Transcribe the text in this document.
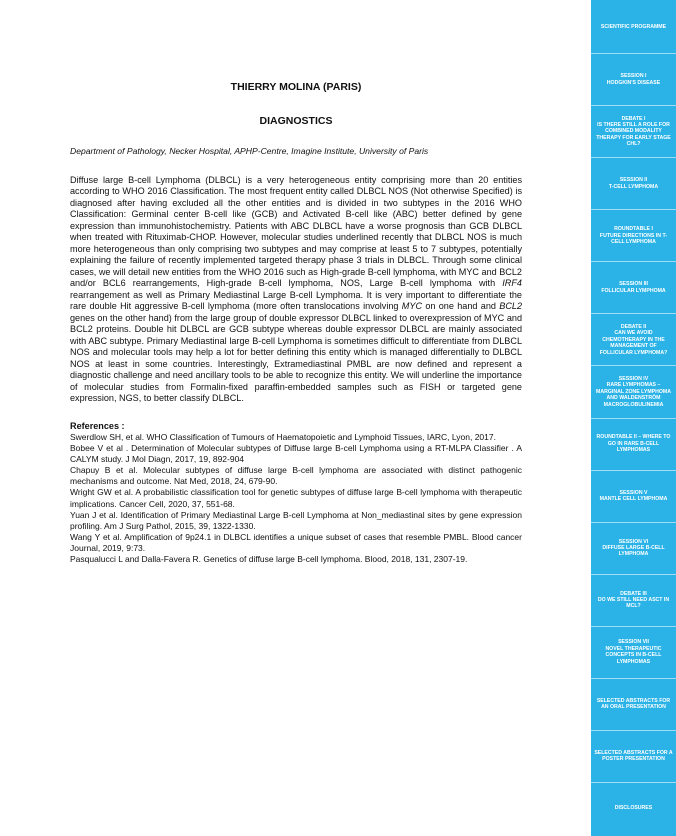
THIERRY MOLINA (PARIS)

DIAGNOSTICS

Department of Pathology, Necker Hospital, APHP-Centre, Imagine Institute, University of Paris

Diffuse large B-cell Lymphoma (DLBCL) is a very heterogeneous entity comprising more than 20 entities according to WHO 2016 Classification. The most frequent entity called DLBCL NOS (Not otherwise Specified) is diagnosed after having excluded all the other entities and is divided in two subtypes in the 2016 WHO Classification: Germinal center B-cell like (GCB) and Activated B-cell like (ABC) better defined by gene expression than immunohistochemistry. Patients with ABC DLBCL have a worse prognosis than GCB DLBCL when treated with Rituximab-CHOP. However, molecular studies underlined recently that DLBCL NOS is much more heterogeneous than only comprising two subtypes and may comprise at least 5 to 7 subtypes, potentially explaining the failure of recently implemented targeted therapy phase 3 trials in DLBCL. Through some clinical cases, we will detail new entities from the WHO 2016 such as High-grade B-cell lymphoma, with MYC and BCL2 and/or BCL6 rearrangements, High-grade B-cell lymphoma, NOS, Large B-cell lymphoma with IRF4 rearrangement as well as Primary Mediastinal Large B-cell Lymphoma. It is very important to differentiate the rare double Hit aggressive B-cell lymphoma (more often translocations involving MYC on one hand and BCL2 genes on the other hand) from the large group of double expressor DLBCL linked to overexpression of MYC and BCL2 proteins. Double hit DLBCL are GCB subtype whereas double expressor DLBCL are mainly associated with ABC subtype. Primary Mediastinal large B-cell Lymphoma is sometimes difficult to differentiate from DLBCL NOS and molecular tools may help a lot for better defining this entity which is managed differentially to DLBCL NOS at least in some countries. Interestingly, Extramediastinal PMBL are now defined and represent a diagnostic challenge and need ancillary tools to be able to recognize this entity. We will underline the importance of molecular studies from Formalin-fixed paraffin-embedded samples such as FISH or targeted gene expression, NGS, to better classify DLBCL.

References :

Swerdlow SH, et al. WHO Classification of Tumours of Haematopoietic and Lymphoid Tissues, IARC, Lyon, 2017.
Bobee V et al . Determination of Molecular subtypes of Diffuse large B-cell Lymphoma using a RT-MLPA Classifier . A CALYM study. J Mol Diagn, 2017, 19, 892-904
Chapuy B et al. Molecular subtypes of diffuse large B-cell lymphoma are associated with distinct pathogenic mechanisms and outcome. Nat Med, 2018, 24, 679-90.
Wright GW et al. A probabilistic classification tool for genetic subtypes of diffuse large B-cell lymphoma with therapeutic implications. Cancer Cell, 2020, 37, 551-68.
Yuan J et al. Identification of Primary Mediastinal Large B-cell Lymphoma at Non_mediastinal sites by gene expression profiling. Am J Surg Pathol, 2015, 39, 1322-1330.
Wang Y et al. Amplification of 9p24.1 in DLBCL identifies a unique subset of cases that resemble PMBL. Blood cancer Journal, 2019, 9:73.
Pasqualucci L and Dalla-Favera R. Genetics of diffuse large B-cell lymphoma. Blood, 2018, 131, 2307-19.
SCIENTIFIC PROGRAMME
SESSION I
HODGKIN'S DISEASE
DEBATE I
IS THERE STILL A ROLE FOR COMBINED MODALITY THERAPY FOR EARLY STAGE CHL?
SESSION II
T-CELL LYMPHOMA
ROUNDTABLE I
FUTURE DIRECTIONS IN T-CELL LYMPHOMA
SESSION III
FOLLICULAR LYMPHOMA
DEBATE II
CAN WE AVOID CHEMOTHERAPY IN THE MANAGEMENT OF FOLLICULAR LYMPHOMA?
SESSION IV
RARE LYMPHOMAS – MARGINAL ZONE LYMPHOMA AND WALDENSTRÖM MACROGLOBULINEMIA
ROUNDTABLE II – WHERE TO GO IN RARE B-CELL LYMPHOMAS
SESSION V
MANTLE CELL LYMPHOMA
SESSION VI
DIFFUSE LARGE B-CELL LYMPHOMA
DEBATE III
DO WE STILL NEED ASCT IN MCL?
SESSION VII
NOVEL THERAPEUTIC CONCEPTS IN B-CELL LYMPHOMAS
SELECTED ABSTRACTS FOR AN ORAL PRESENTATION
SELECTED ABSTRACTS FOR A POSTER PRESENTATION
DISCLOSURES
